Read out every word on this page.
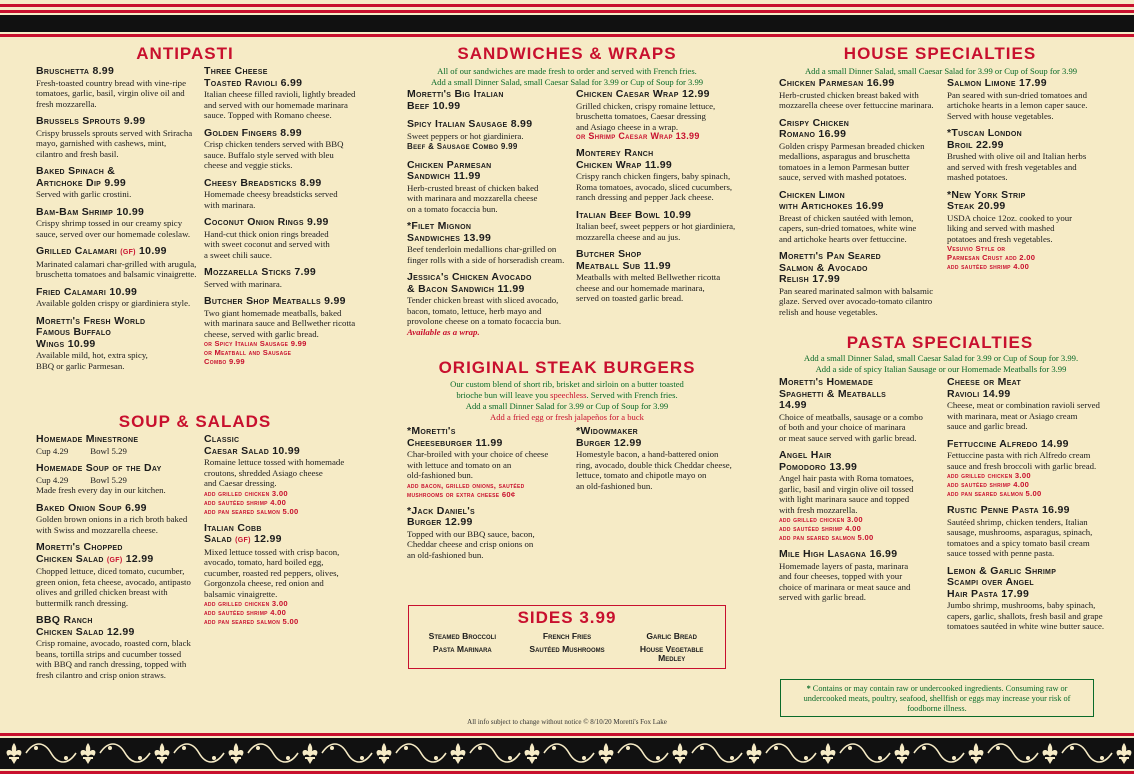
ANTIPASTI
Bruschetta 8.99
Fresh-toasted country bread with vine-ripe
tomatoes, garlic, basil, virgin olive oil and
fresh mozzarella.
Brussels Sprouts 9.99
Crispy brussels sprouts served with Sriracha
mayo, garnished with cashews, mint,
cilantro and fresh basil.
Baked Spinach &
Artichoke Dip 9.99
Served with garlic crostini.
Bam-Bam Shrimp 10.99
Crispy shrimp tossed in our creamy spicy
sauce, served over our homemade coleslaw.
Grilled Calamari (GF) 10.99
Marinated calamari char-grilled with arugula,
bruschetta tomatoes and balsamic vinaigrette.
Fried Calamari 10.99
Available golden crispy or giardiniera style.
Moretti's Fresh World
Famous Buffalo
Wings 10.99
Available mild, hot, extra spicy,
BBQ or garlic Parmesan.
Three Cheese
Toasted Ravioli 6.99
Italian cheese filled ravioli, lightly breaded
and served with our homemade marinara
sauce. Topped with Romano cheese.
Golden Fingers 8.99
Crisp chicken tenders served with BBQ
sauce. Buffalo style served with bleu
cheese and veggie sticks.
Cheesy Breadsticks 8.99
Homemade cheesy breadsticks served
with marinara.
Coconut Onion Rings 9.99
Hand-cut thick onion rings breaded
with sweet coconut and served with
a sweet chili sauce.
Mozzarella Sticks 7.99
Served with marinara.
Butcher Shop Meatballs 9.99
Two giant homemade meatballs, baked
with marinara sauce and Bellwether ricotta
cheese, served with garlic bread.
or Spicy Italian Sausage 9.99
or Meatball and Sausage
Combo 9.99
SOUP & SALADS
Homemade Minestrone
Cup 4.29	Bowl 5.29
Homemade Soup of the Day
Cup 4.29	Bowl 5.29
Made fresh every day in our kitchen.
Baked Onion Soup 6.99
Golden brown onions in a rich broth baked
with Swiss and mozzarella cheese.
Moretti's Chopped
Chicken Salad (GF) 12.99
Chopped lettuce, diced tomato, cucumber,
green onion, feta cheese, avocado, antipasto
olives and grilled chicken breast with
buttermilk ranch dressing.
BBQ Ranch
Chicken Salad 12.99
Crisp romaine, avocado, roasted corn, black
beans, tortilla strips and cucumber tossed
with BBQ and ranch dressing, topped with
fresh cilantro and crisp onion straws.
Classic
Caesar Salad 10.99
Romaine lettuce tossed with homemade
croutons, shredded Asiago cheese
and Caesar dressing.
add grilled chicken 3.00
add sautéed shrimp 4.00
add pan seared salmon 5.00
Italian Cobb
Salad (GF) 12.99
Mixed lettuce tossed with crisp bacon,
avocado, tomato, hard boiled egg,
cucumber, roasted red peppers, olives,
Gorgonzola cheese, red onion and
balsamic vinaigrette.
add grilled chicken 3.00
add sautéed shrimp 4.00
add pan seared salmon 5.00
SANDWICHES & WRAPS
All of our sandwiches are made fresh to order and served with French fries.
Add a small Dinner Salad, small Caesar Salad for 3.99 or Cup of Soup for 3.99
Moretti's Big Italian
Beef 10.99
Spicy Italian Sausage 8.99
Sweet peppers or hot giardiniera.
Beef & Sausage Combo 9.99
Chicken Parmesan
Sandwich 11.99
Herb-crusted breast of chicken baked
with marinara and mozzarella cheese
on a tomato focaccia bun.
*Filet Mignon
Sandwiches 13.99
Beef tenderloin medallions char-grilled on
finger rolls with a side of horseradish cream.
Jessica's Chicken Avocado
& Bacon Sandwich 11.99
Tender chicken breast with sliced avocado,
bacon, tomato, lettuce, herb mayo and
provolone cheese on a tomato focaccia bun.
Available as a wrap.
Chicken Caesar Wrap 12.99
Grilled chicken, crispy romaine lettuce,
bruschetta tomatoes, Caesar dressing
and Asiago cheese in a wrap.
or Shrimp Caesar Wrap 13.99
Monterey Ranch
Chicken Wrap 11.99
Crispy ranch chicken fingers, baby spinach,
Roma tomatoes, avocado, sliced cucumbers,
ranch dressing and pepper Jack cheese.
Italian Beef Bowl 10.99
Italian beef, sweet peppers or hot giardiniera,
mozzarella cheese and au jus.
Butcher Shop
Meatball Sub 11.99
Meatballs with melted Bellwether ricotta
cheese and our homemade marinara,
served on toasted garlic bread.
ORIGINAL STEAK BURGERS
Our custom blend of short rib, brisket and sirloin on a butter toasted
brioche bun will leave you speechless. Served with French fries.
Add a small Dinner Salad for 3.99 or Cup of Soup for 3.99
Add a fried egg or fresh jalapeños for a buck
*Moretti's
Cheeseburger 11.99
Char-broiled with your choice of cheese
with lettuce and tomato on an
old-fashioned bun.
add bacon, grilled onions, sautéed
mushrooms or extra cheese 60¢
*Jack Daniel's
Burger 12.99
Topped with our BBQ sauce, bacon,
Cheddar cheese and crisp onions on
an old-fashioned bun.
*Widowmaker
Burger 12.99
Homestyle bacon, a hand-battered onion
ring, avocado, double thick Cheddar cheese,
lettuce, tomato and chipotle mayo on
an old-fashioned bun.
SIDES 3.99
Steamed Broccoli	French Fries	Garlic Bread
Pasta Marinara	Sautéed Mushrooms	House Vegetable
Medley
HOUSE SPECIALTIES
Add a small Dinner Salad, small Caesar Salad for 3.99 or Cup of Soup for 3.99
Chicken Parmesan 16.99
Herb-crusted chicken breast baked with
mozzarella cheese over fettuccine marinara.
Crispy Chicken
Romano 16.99
Golden crispy Parmesan breaded chicken
medallions, asparagus and bruschetta
tomatoes in a lemon Parmesan butter
sauce, served with mashed potatoes.
Chicken Limon
with Artichokes 16.99
Breast of chicken sautéed with lemon,
capers, sun-dried tomatoes, white wine
and artichoke hearts over fettuccine.
Moretti's Pan Seared
Salmon & Avocado
Relish 17.99
Pan seared marinated salmon with balsamic
glaze. Served over avocado-tomato cilantro
relish and house vegetables.
Salmon Limone 17.99
Pan seared with sun-dried tomatoes and
artichoke hearts in a lemon caper sauce.
Served with house vegetables.
*Tuscan London
Broil 22.99
Brushed with olive oil and Italian herbs
and served with fresh vegetables and
mashed potatoes.
*New York Strip
Steak 20.99
USDA choice 12oz. cooked to your
liking and served with mashed
potatoes and fresh vegetables.
Vesuvio Style or
Parmesan Crust add 2.00
add sautéed shrimp 4.00
PASTA SPECIALTIES
Add a small Dinner Salad, small Caesar Salad for 3.99 or Cup of Soup for 3.99.
Add a side of spicy Italian Sausage or our Homemade Meatballs for 3.99
Moretti's Homemade
Spaghetti & Meatballs
14.99
Choice of meatballs, sausage or a combo
of both and your choice of marinara
or meat sauce served with garlic bread.
Angel Hair
Pomodoro 13.99
Angel hair pasta with Roma tomatoes,
garlic, basil and virgin olive oil tossed
with light marinara sauce and topped
with fresh mozzarella.
add grilled chicken 3.00
add sautéed shrimp 4.00
add pan seared salmon 5.00
Mile High Lasagna 16.99
Homemade layers of pasta, marinara
and four cheeses, topped with your
choice of marinara or meat sauce and
served with garlic bread.
Cheese or Meat
Ravioli 14.99
Cheese, meat or combination ravioli served
with marinara, meat or Asiago cream
sauce and garlic bread.
Fettuccine Alfredo 14.99
Fettuccine pasta with rich Alfredo cream
sauce and fresh broccoli with garlic bread.
add grilled chicken 3.00
add sautéed shrimp 4.00
add pan seared salmon 5.00
Rustic Penne Pasta 16.99
Sautéed shrimp, chicken tenders, Italian
sausage, mushrooms, asparagus, spinach,
tomatoes and a spicy tomato basil cream
sauce tossed with penne pasta.
Lemon & Garlic Shrimp
Scampi over Angel
Hair Pasta 17.99
Jumbo shrimp, mushrooms, baby spinach,
capers, garlic, shallots, fresh basil and grape
tomatoes sautéed in white wine butter sauce.
* Contains or may contain raw or undercooked ingredients. Consuming raw or undercooked meats, poultry, seafood, shellfish or eggs may increase your risk of foodborne illness.
All info subject to change without notice © 8/10/20 Moretti's Fox Lake
